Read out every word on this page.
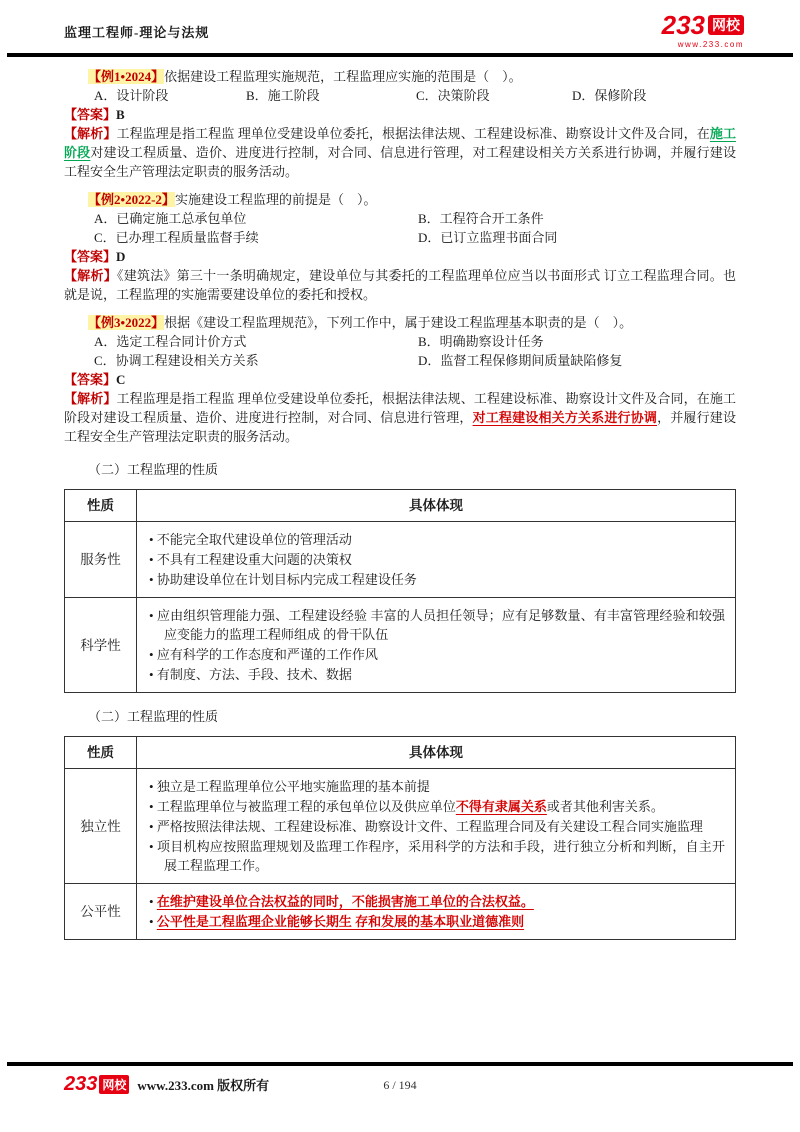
监理工程师-理论与法规	233 网校
www.233.com

【例1•2024】依据建设工程监理实施规范，工程监理应实施的范围是（　）。

A．设计阶段	B．施工阶段	C．决策阶段	D．保修阶段

【答案】B

【解析】工程监理是指工程监 理单位受建设单位委托，根据法律法规、工程建设标准、勘察设计文件及合同，在施工阶段对建设工程质量、造价、进度进行控制，对合同、信息进行管理，对工程建设相关方关系进行协调，并履行建设工程安全生产管理法定职责的服务活动。

【例2•2022-2】实施建设工程监理的前提是（　）。

A．已确定施工总承包单位	B．工程符合开工条件
C．已办理工程质量监督手续	D．已订立监理书面合同

【答案】D

【解析】《建筑法》第三十一条明确规定，建设单位与其委托的工程监理单位应当以书面形式 订立工程监理合同。也就是说，工程监理的实施需要建设单位的委托和授权。

【例3•2022】根据《建设工程监理规范》，下列工作中，属于建设工程监理基本职责的是（　）。

A．选定工程合同计价方式	B．明确勘察设计任务
C．协调工程建设相关方关系	D．监督工程保修期间质量缺陷修复

【答案】C

【解析】工程监理是指工程监 理单位受建设单位委托，根据法律法规、工程建设标准、勘察设计文件及合同，在施工阶段对建设工程质量、造价、进度进行控制，对合同、信息进行管理，对工程建设相关方关系进行协调，并履行建设工程安全生产管理法定职责的服务活动。

（二）工程监理的性质

性质	具体体现
服务性	• 不能完全取代建设单位的管理活动
• 不具有工程建设重大问题的决策权
• 协助建设单位在计划目标内完成工程建设任务

科学性	• 应由组织管理能力强、工程建设经验 丰富的人员担任领导；应有足够数量、有丰富管理经验和较强应变能力的监理工程师组成 的骨干队伍
• 应有科学的工作态度和严谨的工作作风
• 有制度、方法、手段、技术、数据

（二）工程监理的性质

性质	具体体现
独立性	• 独立是工程监理单位公平地实施监理的基本前提
• 工程监理单位与被监理工程的承包单位以及供应单位不得有隶属关系或者其他利害关系。
• 严格按照法律法规、工程建设标准、勘察设计文件、工程监理合同及有关建设工程合同实施监理
• 项目机构应按照监理规划及监理工作程序，采用科学的方法和手段，进行独立分析和判断，自主开展工程监理工作。

公平性	• 在维护建设单位合法权益的同时，不能损害施工单位的合法权益。
• 公平性是工程监理企业能够长期生 存和发展的基本职业道德准则
233 网校 www.233.com 版权所有	6 / 194
